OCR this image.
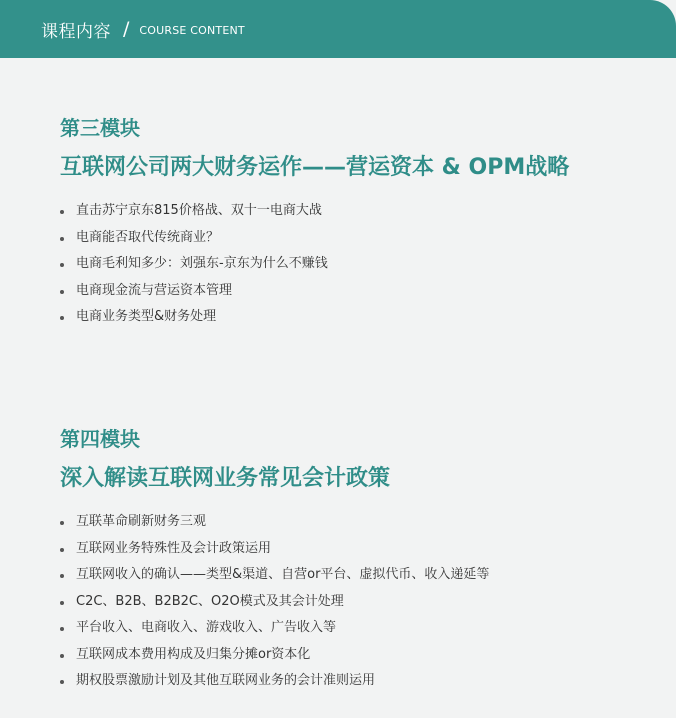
课程内容 / COURSE CONTENT
第三模块
互联网公司两大财务运作——营运资本 & OPM战略
直击苏宁京东815价格战、双十一电商大战
电商能否取代传统商业？
电商毛利知多少：刘强东-京东为什么不赚钱
电商现金流与营运资本管理
电商业务类型&财务处理
第四模块
深入解读互联网业务常见会计政策
互联革命刷新财务三观
互联网业务特殊性及会计政策运用
互联网收入的确认——类型&渠道、自营or平台、虚拟代币、收入递延等
C2C、B2B、B2B2C、O2O模式及其会计处理
平台收入、电商收入、游戏收入、广告收入等
互联网成本费用构成及归集分摊or资本化
期权股票激励计划及其他互联网业务的会计准则运用
